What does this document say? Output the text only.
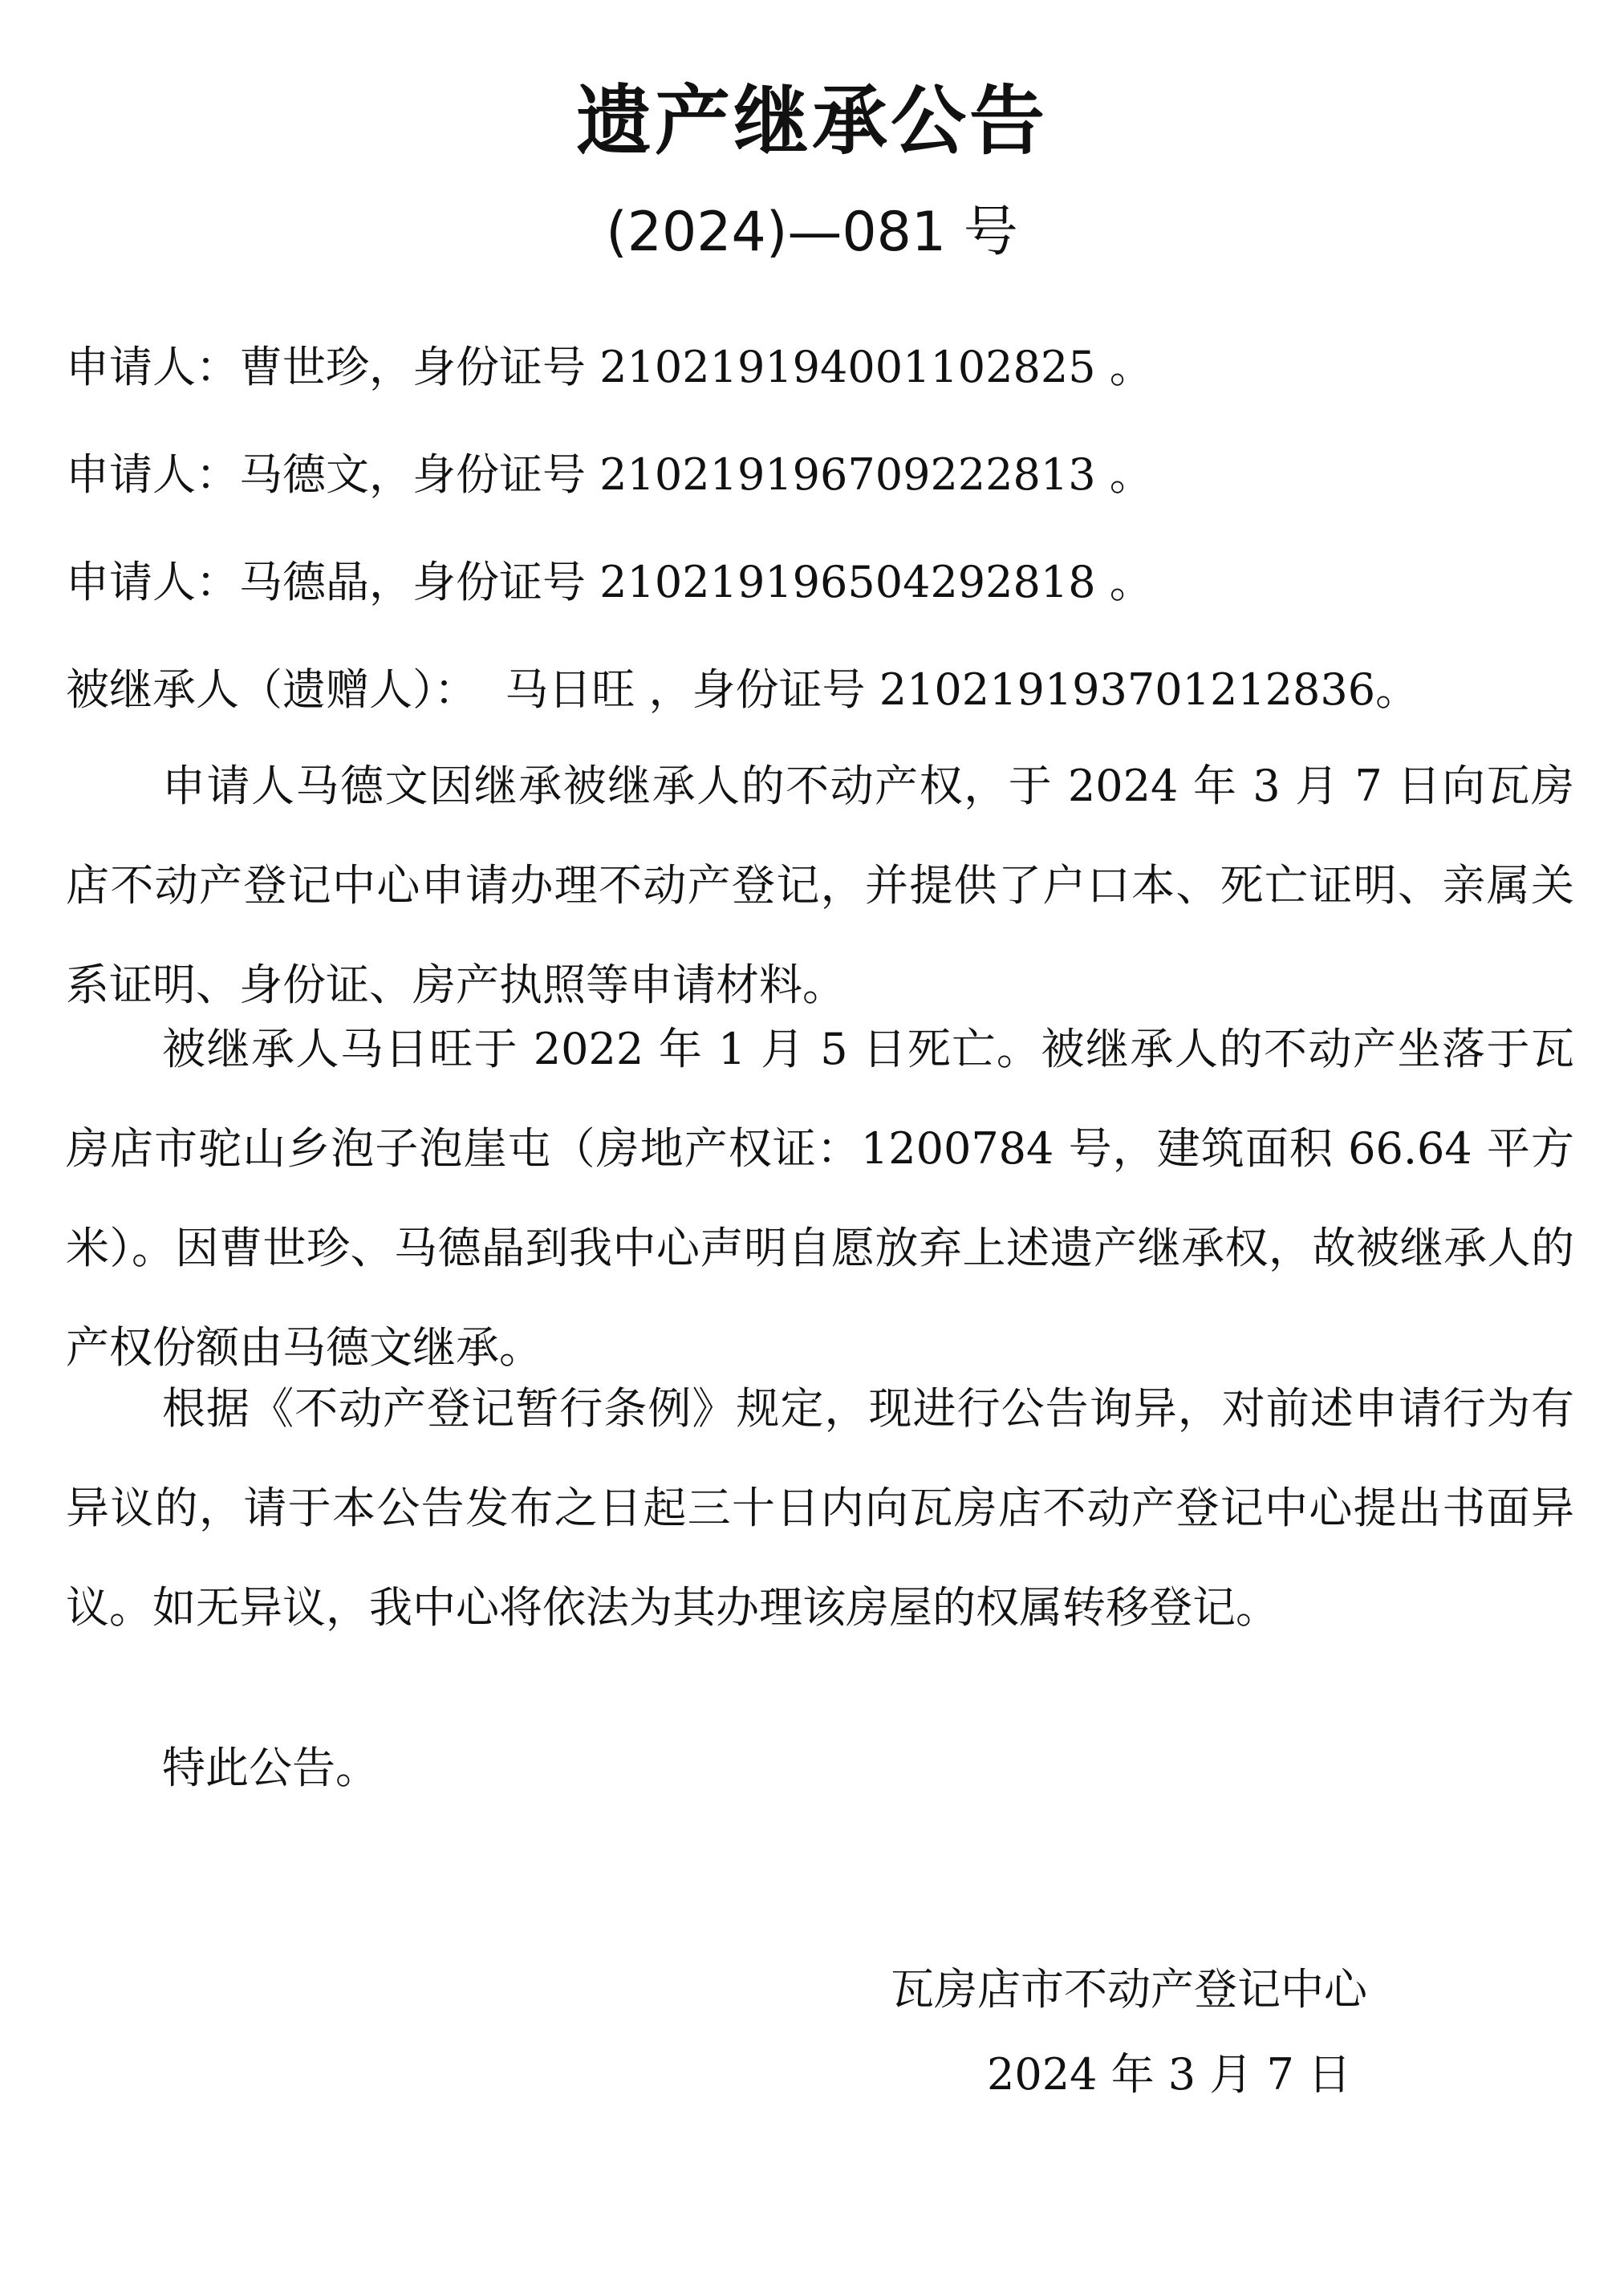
遗产继承公告
(2024)—081 号
申请人：曹世珍，身份证号 210219194001102825 。
申请人：马德文，身份证号 210219196709222813 。
申请人：马德晶，身份证号 210219196504292818 。
被继承人（遗赠人）：  马日旺 ，身份证号 210219193701212836。
申请人马德文因继承被继承人的不动产权，于 2024 年 3 月 7 日向瓦房店不动产登记中心申请办理不动产登记，并提供了户口本、死亡证明、亲属关系证明、身份证、房产执照等申请材料。
被继承人马日旺于 2022 年 1 月 5 日死亡。被继承人的不动产坐落于瓦房店市驼山乡泡子泡崖屯（房地产权证：1200784 号，建筑面积 66.64 平方米）。因曹世珍、马德晶到我中心声明自愿放弃上述遗产继承权，故被继承人的产权份额由马德文继承。
根据《不动产登记暂行条例》规定，现进行公告询异，对前述申请行为有异议的，请于本公告发布之日起三十日内向瓦房店不动产登记中心提出书面异议。如无异议，我中心将依法为其办理该房屋的权属转移登记。
特此公告。
瓦房店市不动产登记中心
2024 年 3 月 7 日
